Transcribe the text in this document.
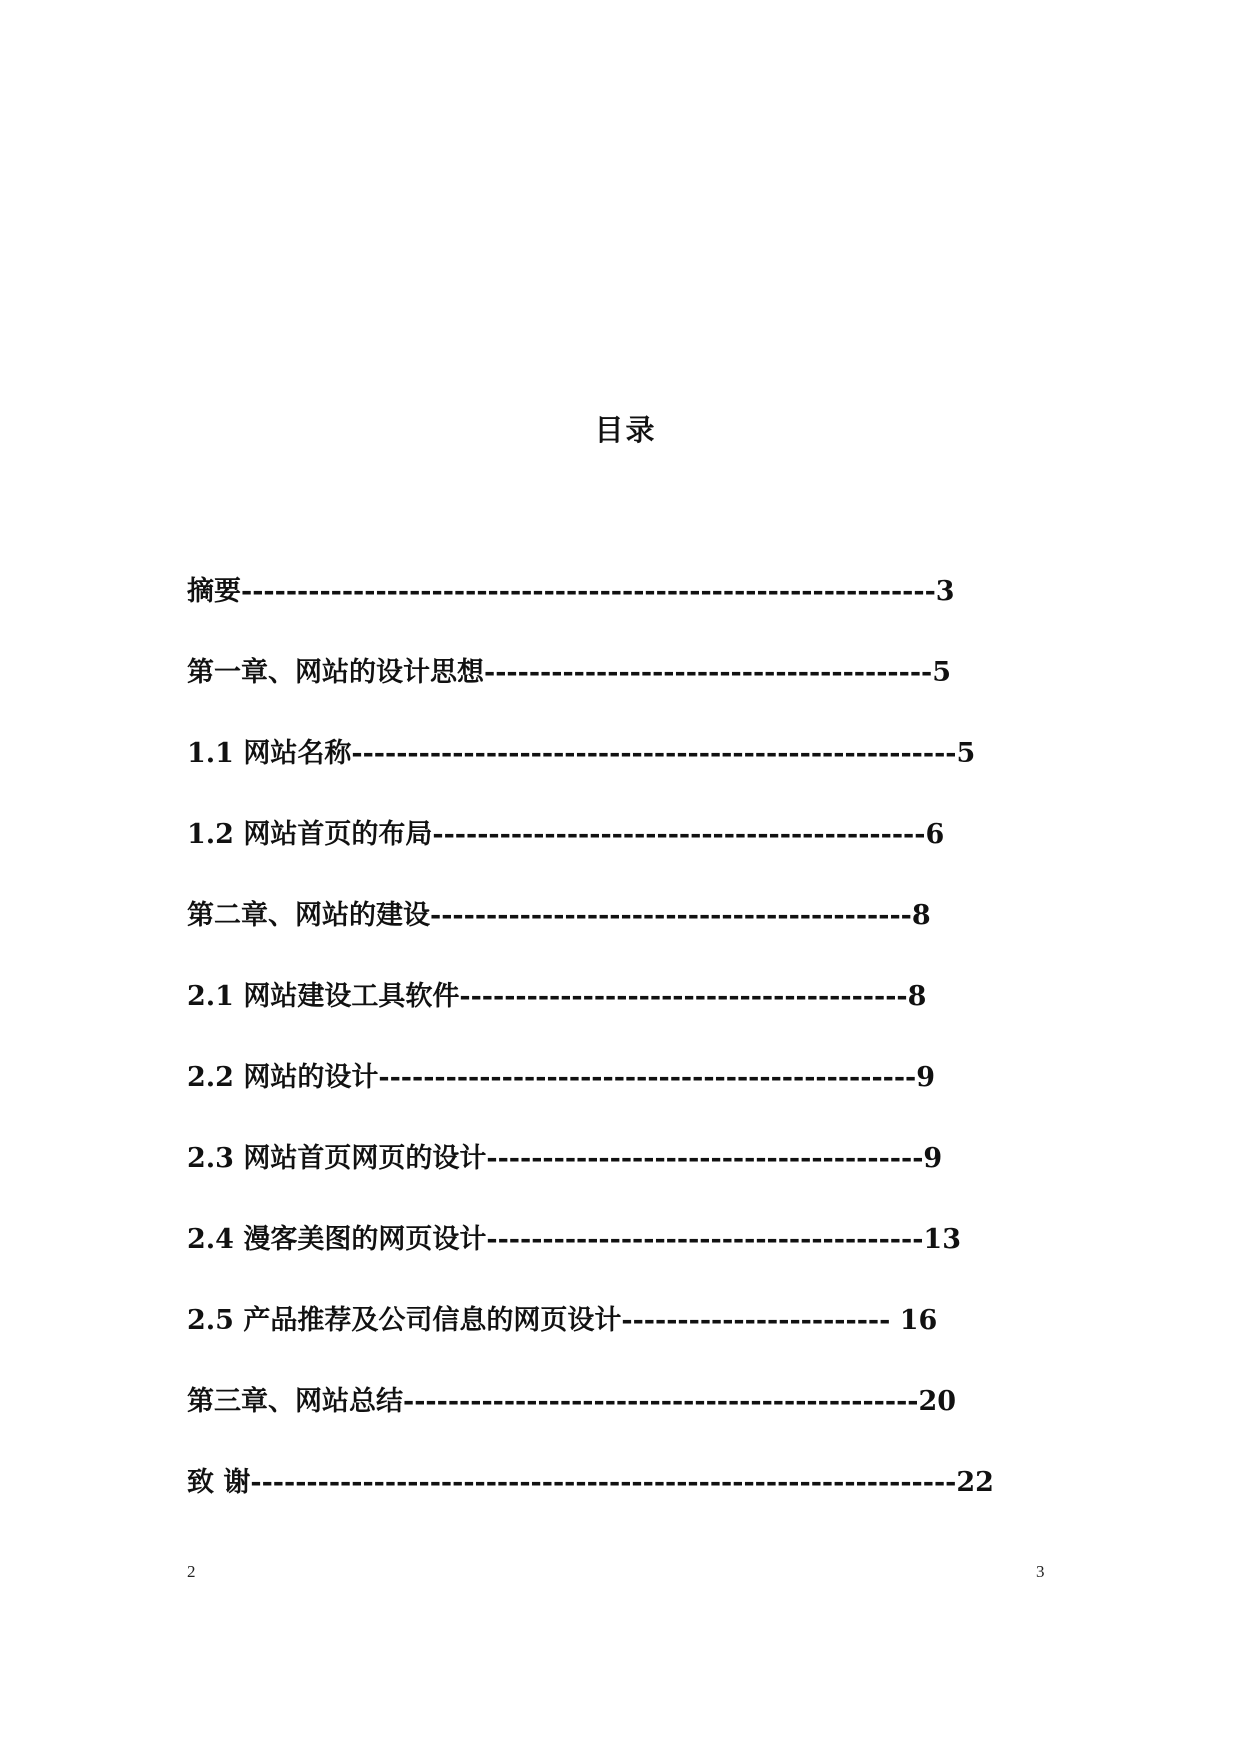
目录
摘要--------------------------------------------------------------3
第一章、网站的设计思想----------------------------------------5
1.1 网站名称------------------------------------------------------5
1.2 网站首页的布局--------------------------------------------6
第二章、网站的建设-------------------------------------------8
2.1 网站建设工具软件----------------------------------------8
2.2 网站的设计------------------------------------------------9
2.3 网站首页网页的设计---------------------------------------9
2.4 漫客美图的网页设计---------------------------------------13
2.5 产品推荐及公司信息的网页设计------------------------ 16
第三章、网站总结----------------------------------------------20
致 谢---------------------------------------------------------------22
2	3
